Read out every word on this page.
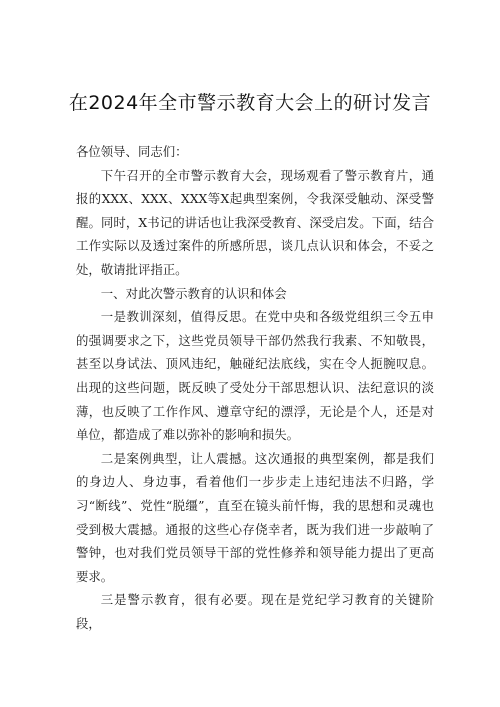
在2024年全市警示教育大会上的研讨发言

各位领导、同志们：

下午召开的全市警示教育大会，现场观看了警示教育片，通报的XXX、XXX、XXX等X起典型案例，令我深受触动、深受警醒。同时，X书记的讲话也让我深受教育、深受启发。下面，结合工作实际以及透过案件的所感所思，谈几点认识和体会，不妥之处，敬请批评指正。

一、对此次警示教育的认识和体会

一是教训深刻，值得反思。在党中央和各级党组织三令五申的强调要求之下，这些党员领导干部仍然我行我素、不知敬畏，甚至以身试法、顶风违纪，触碰纪法底线，实在令人扼腕叹息。出现的这些问题，既反映了受处分干部思想认识、法纪意识的淡薄，也反映了工作作风、遵章守纪的漂浮，无论是个人，还是对单位，都造成了难以弥补的影响和损失。

二是案例典型，让人震撼。这次通报的典型案例，都是我们的身边人、身边事，看着他们一步步走上违纪违法不归路，学习“断线”、党性“脱缰”，直至在镜头前忏悔，我的思想和灵魂也受到极大震撼。通报的这些心存侥幸者，既为我们进一步敲响了警钟，也对我们党员领导干部的党性修养和领导能力提出了更高要求。

三是警示教育，很有必要。现在是党纪学习教育的关键阶段，
